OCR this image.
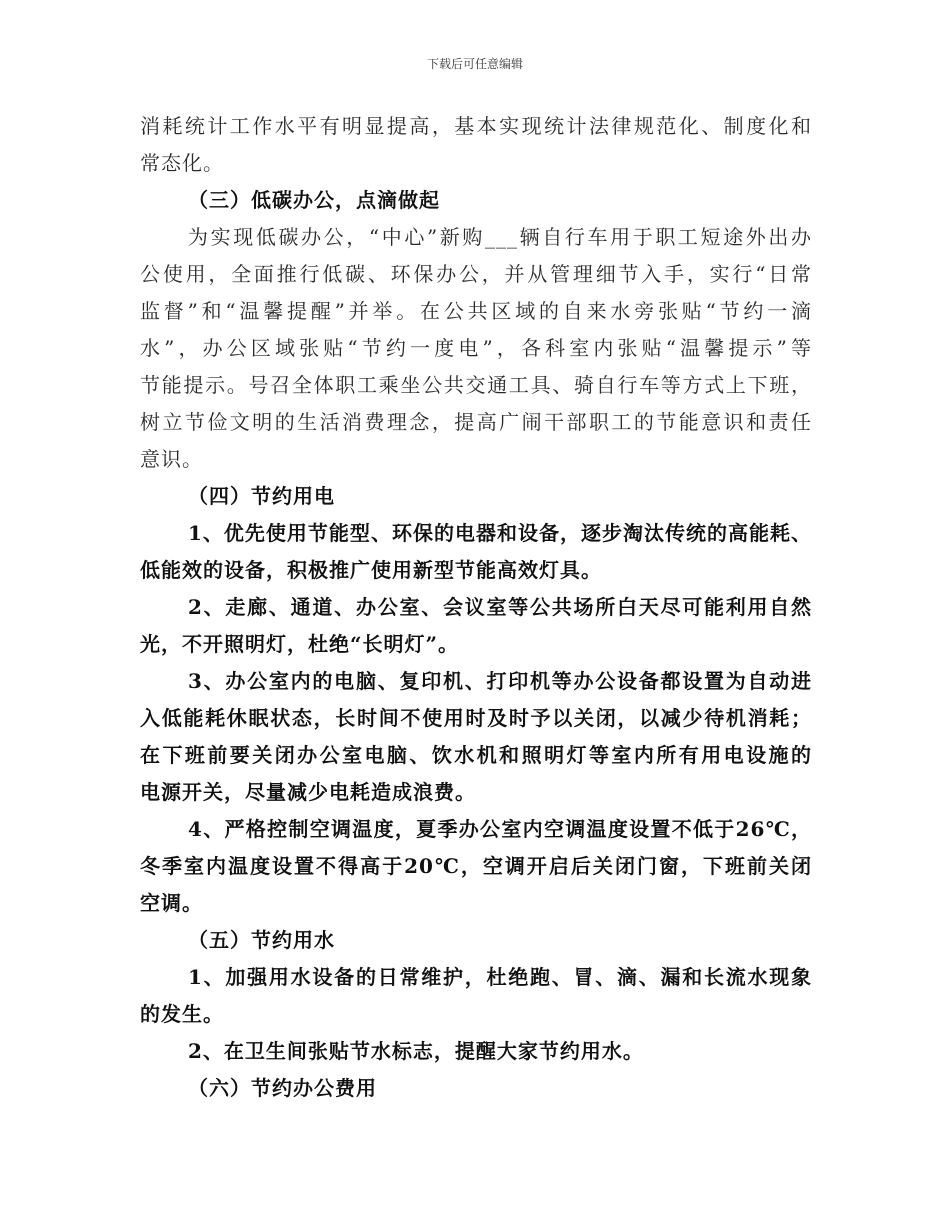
下载后可任意编辑
消耗统计工作水平有明显提高，基本实现统计法律规范化、制度化和
常态化。
（三）低碳办公，点滴做起
为实现低碳办公，“中心”新购___辆自行车用于职工短途外出办
公使用，全面推行低碳、环保办公，并从管理细节入手，实行“日常
监督”和“温馨提醒”并举。在公共区域的自来水旁张贴“节约一滴
水”，办公区域张贴“节约一度电”，各科室内张贴“温馨提示”等
节能提示。号召全体职工乘坐公共交通工具、骑自行车等方式上下班，
树立节俭文明的生活消费理念，提高广闹干部职工的节能意识和责任
意识。
（四）节约用电
1、优先使用节能型、环保的电器和设备，逐步淘汰传统的高能耗、
低能效的设备，积极推广使用新型节能高效灯具。
2、走廊、通道、办公室、会议室等公共场所白天尽可能利用自然
光，不开照明灯，杜绝“长明灯”。
3、办公室内的电脑、复印机、打印机等办公设备都设置为自动进
入低能耗休眠状态，长时间不使用时及时予以关闭，以减少待机消耗；
在下班前要关闭办公室电脑、饮水机和照明灯等室内所有用电设施的
电源开关，尽量减少电耗造成浪费。
4、严格控制空调温度，夏季办公室内空调温度设置不低于26℃，
冬季室内温度设置不得高于20℃，空调开启后关闭门窗，下班前关闭
空调。
（五）节约用水
1、加强用水设备的日常维护，杜绝跑、冒、滴、漏和长流水现象
的发生。
2、在卫生间张贴节水标志，提醒大家节约用水。
（六）节约办公费用
